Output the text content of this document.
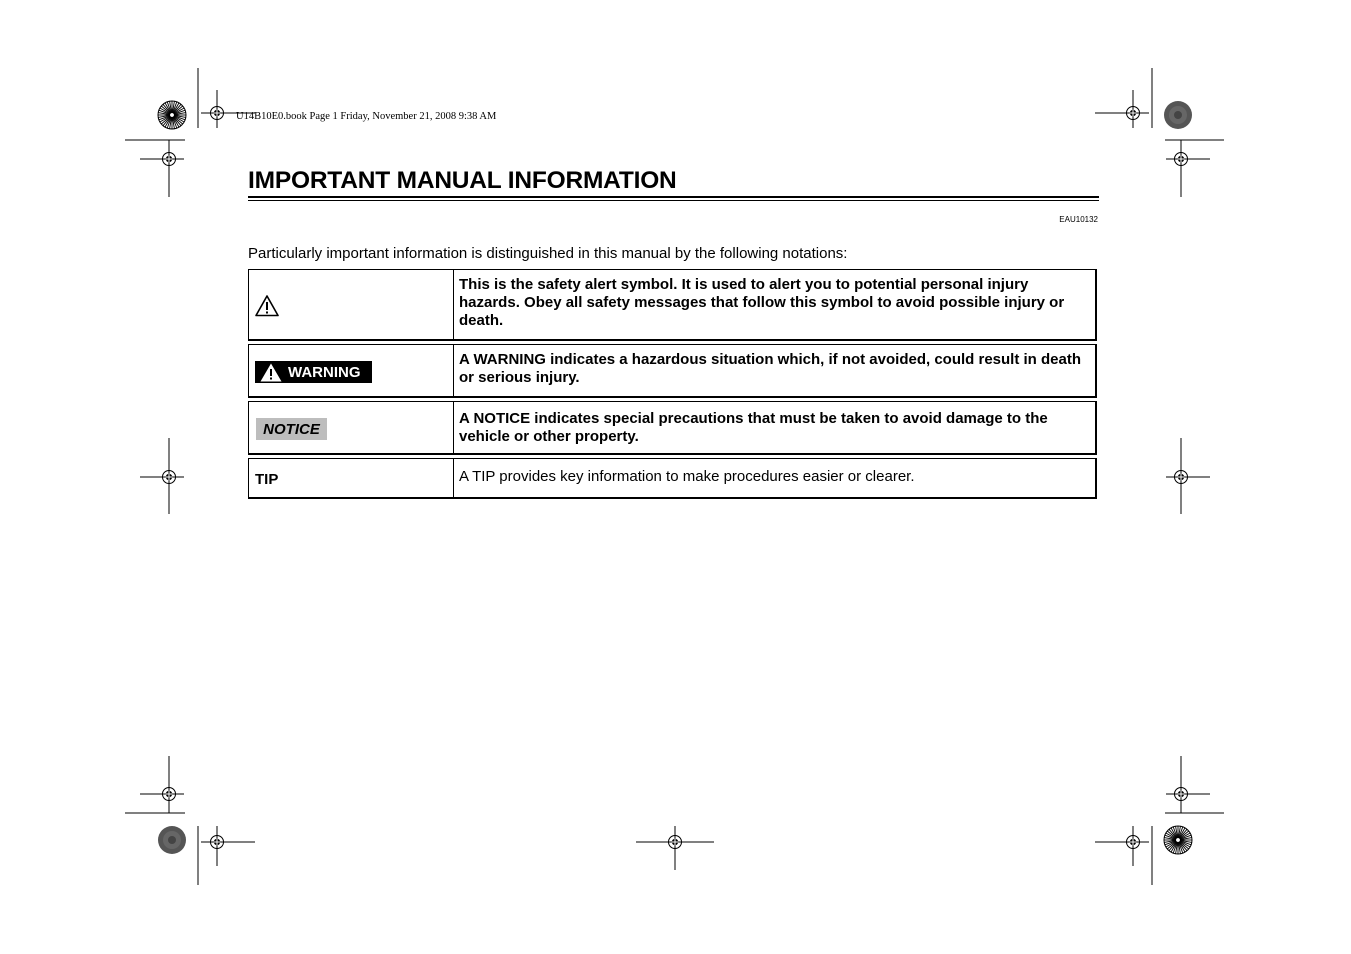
U14B10E0.book Page 1 Friday, November 21, 2008 9:38 AM
IMPORTANT MANUAL INFORMATION
EAU10132
Particularly important information is distinguished in this manual by the following notations:
This is the safety alert symbol. It is used to alert you to potential personal injury hazards. Obey all safety messages that follow this symbol to avoid possible injury or death.
WARNING
A WARNING indicates a hazardous situation which, if not avoided, could result in death or serious injury.
NOTICE
A NOTICE indicates special precautions that must be taken to avoid damage to the vehicle or other property.
TIP	A TIP provides key information to make procedures easier or clearer.
